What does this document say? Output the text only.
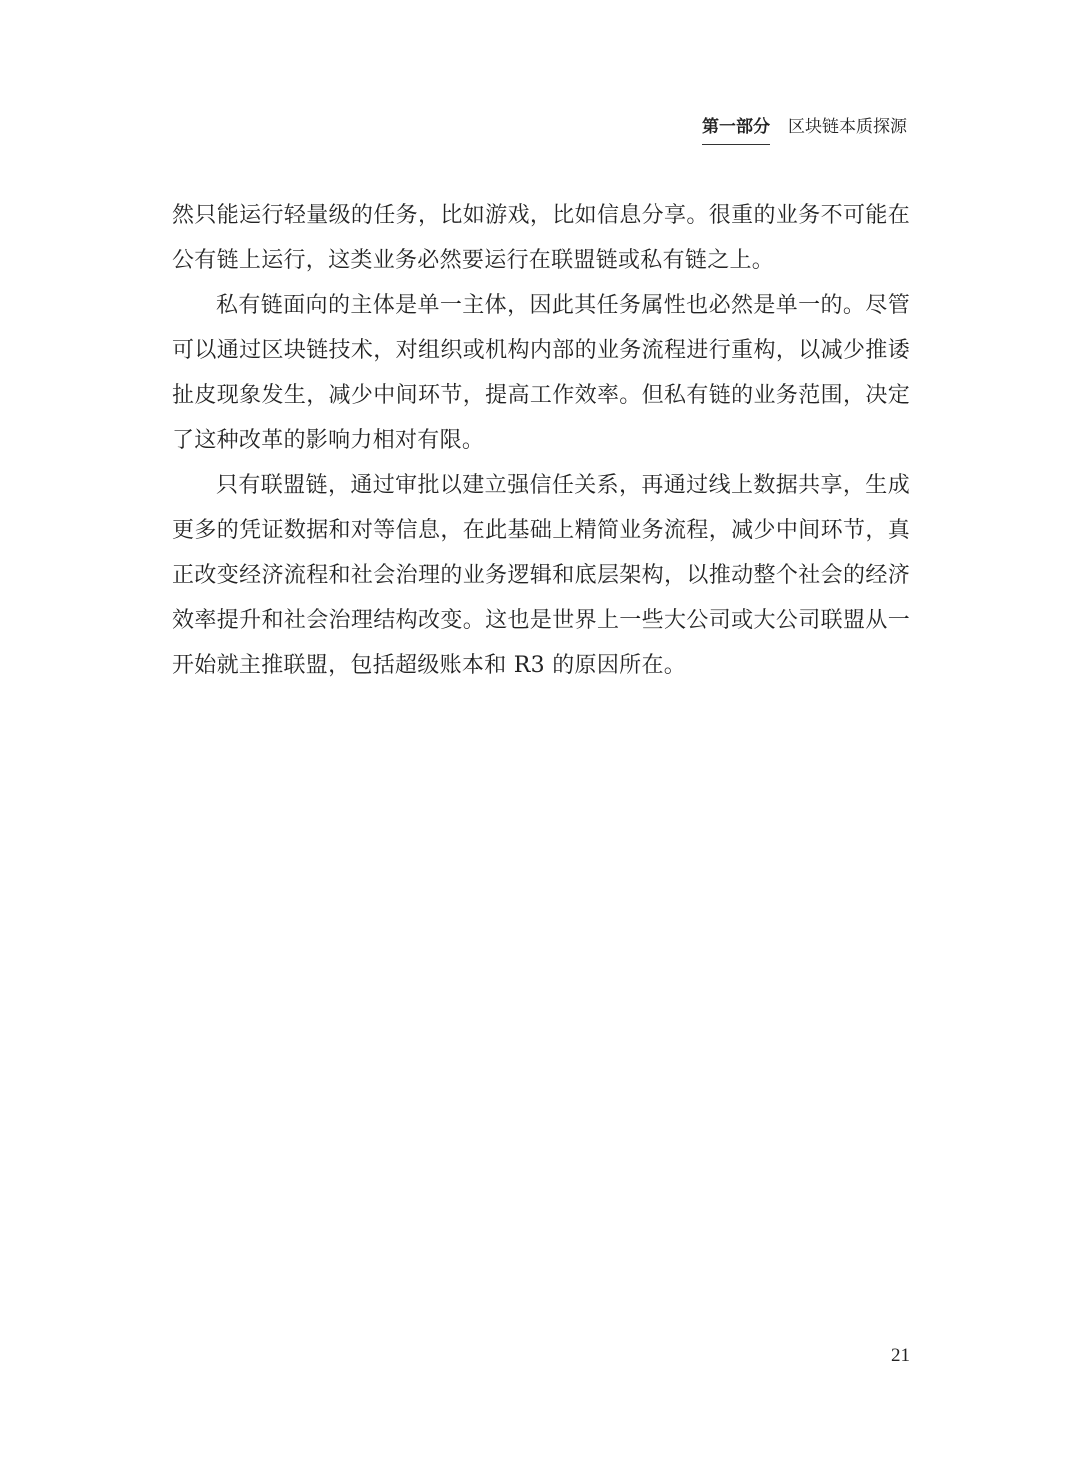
第一部分 区块链本质探源

然只能运行轻量级的任务，比如游戏，比如信息分享。很重的业务不可能在公有链上运行，这类业务必然要运行在联盟链或私有链之上。

私有链面向的主体是单一主体，因此其任务属性也必然是单一的。尽管可以通过区块链技术，对组织或机构内部的业务流程进行重构，以减少推诿扯皮现象发生，减少中间环节，提高工作效率。但私有链的业务范围，决定了这种改革的影响力相对有限。

只有联盟链，通过审批以建立强信任关系，再通过线上数据共享，生成更多的凭证数据和对等信息，在此基础上精简业务流程，减少中间环节，真正改变经济流程和社会治理的业务逻辑和底层架构，以推动整个社会的经济效率提升和社会治理结构改变。这也是世界上一些大公司或大公司联盟从一开始就主推联盟，包括超级账本和 R3 的原因所在。

21
